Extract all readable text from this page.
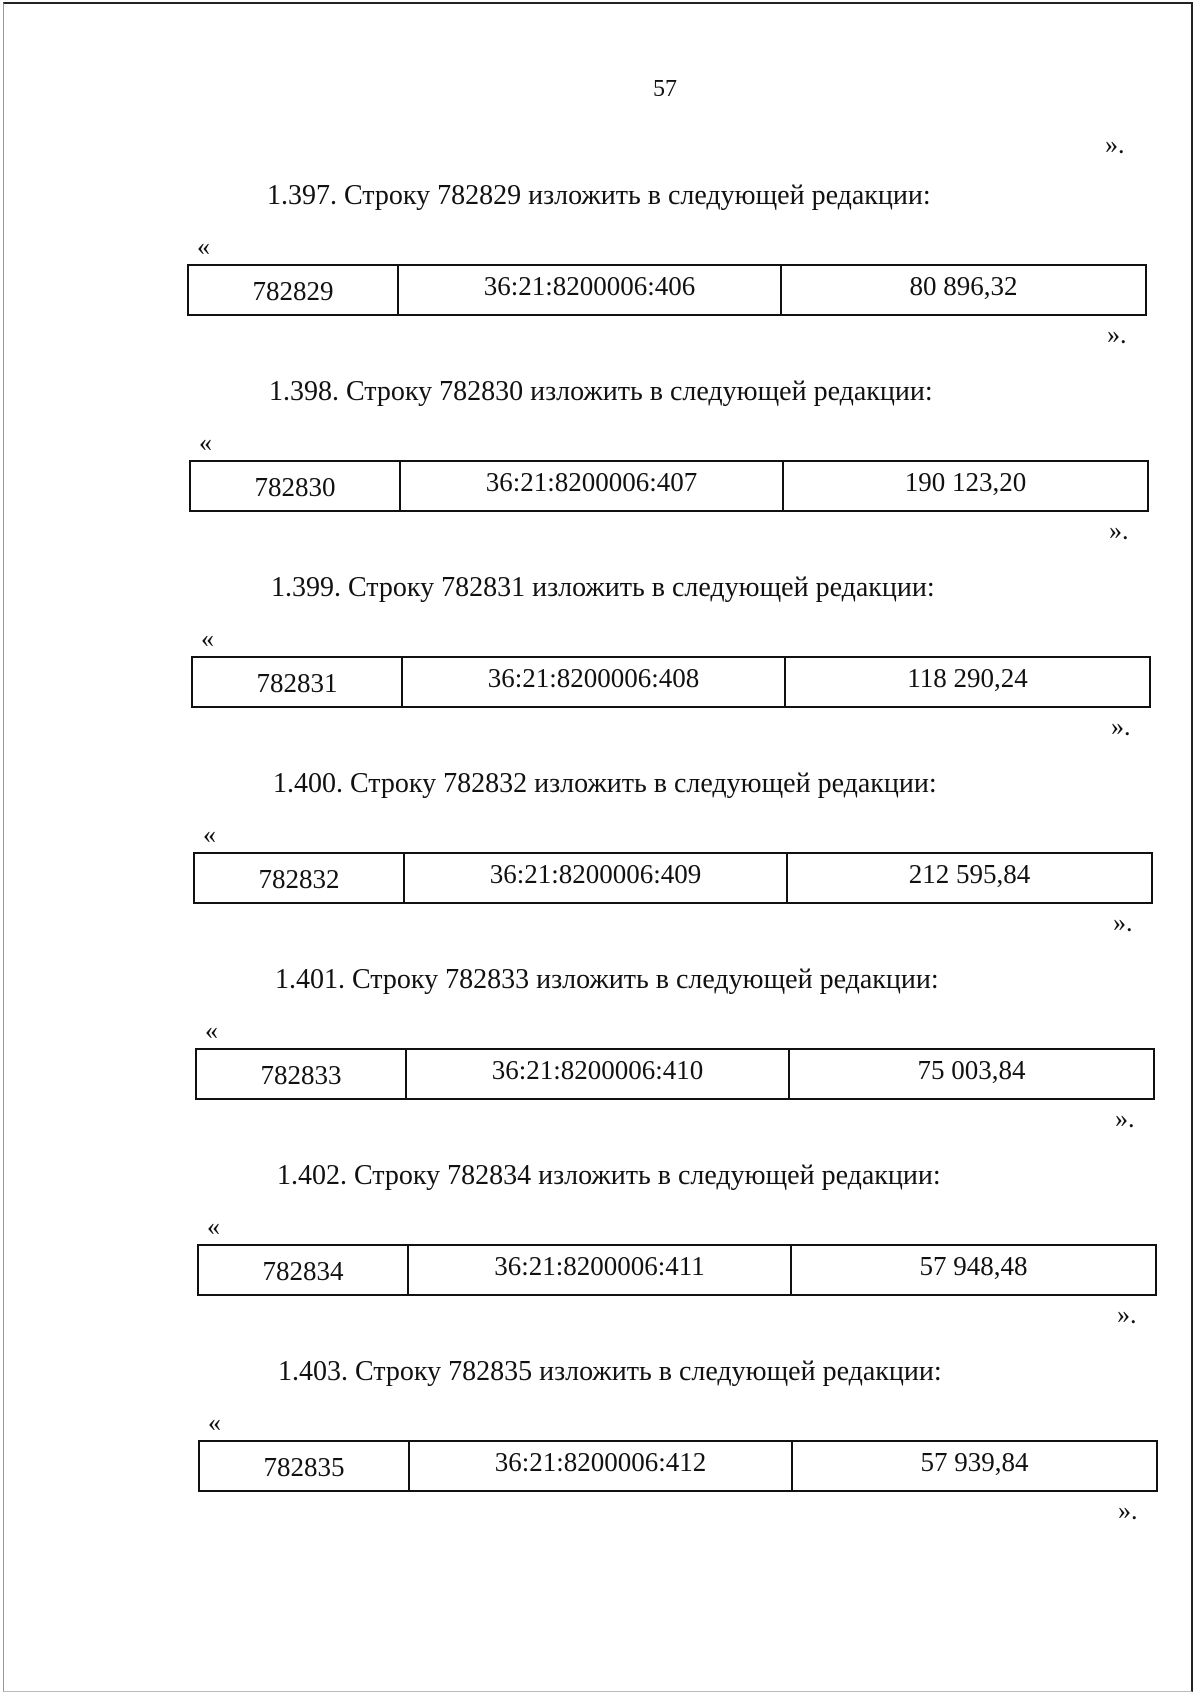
57
».
1.397. Строку 782829 изложить в следующей редакции:
«
782829	36:21:8200006:406	80 896,32
».
1.398. Строку 782830 изложить в следующей редакции:
«
782830	36:21:8200006:407	190 123,20
».
1.399. Строку 782831 изложить в следующей редакции:
«
782831	36:21:8200006:408	118 290,24
».
1.400. Строку 782832 изложить в следующей редакции:
«
782832	36:21:8200006:409	212 595,84
».
1.401. Строку 782833 изложить в следующей редакции:
«
782833	36:21:8200006:410	75 003,84
».
1.402. Строку 782834 изложить в следующей редакции:
«
782834	36:21:8200006:411	57 948,48
».
1.403. Строку 782835 изложить в следующей редакции:
«
782835	36:21:8200006:412	57 939,84
».
